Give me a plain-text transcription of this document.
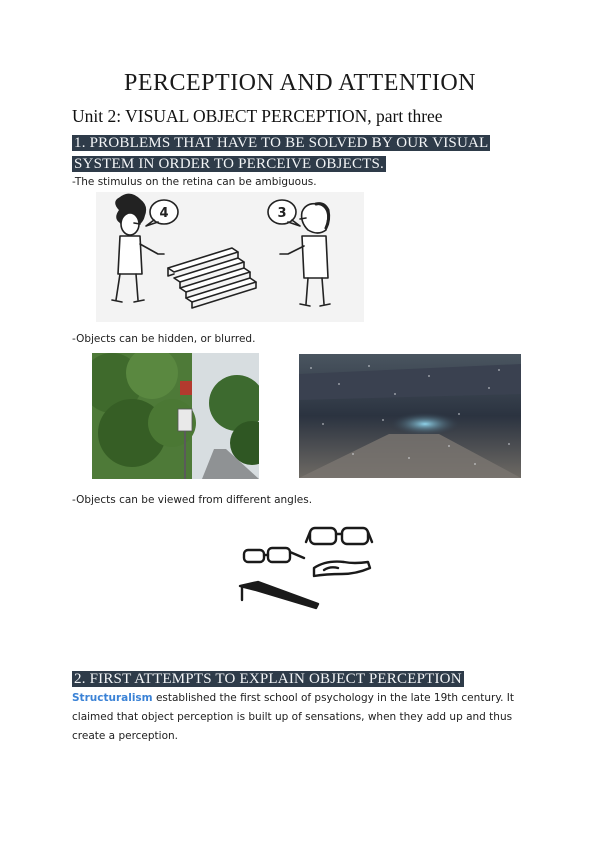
PERCEPTION AND ATTENTION
Unit 2: VISUAL OBJECT PERCEPTION, part three
1. PROBLEMS THAT HAVE TO BE SOLVED BY OUR VISUAL SYSTEM IN ORDER TO PERCEIVE OBJECTS.
-The stimulus on the retina can be ambiguous.
4	3
-Objects can be hidden, or blurred.
-Objects can be viewed from different angles.
2. FIRST ATTEMPTS TO EXPLAIN OBJECT PERCEPTION
Structuralism established the first school of psychology in the late 19th century. It claimed that object perception is built up of sensations, when they add up and thus create a perception.
